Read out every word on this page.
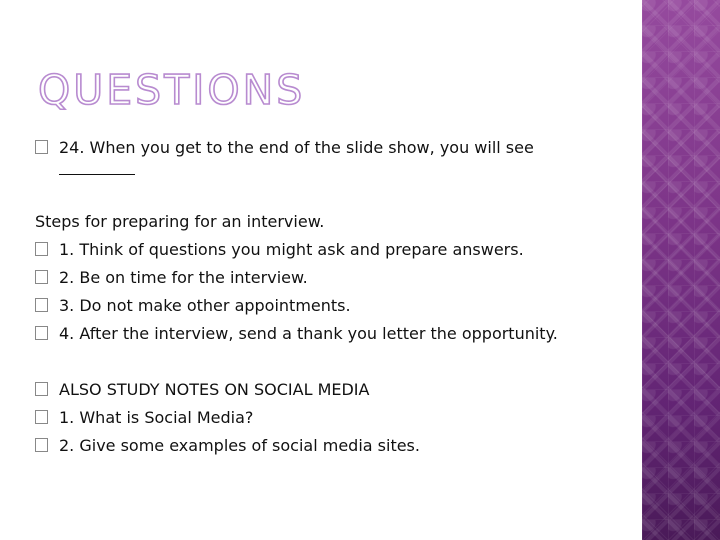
QUESTIONS
24. When you get to the end of the slide show, you will see
Steps for preparing for an interview.
1. Think of questions you might ask and prepare answers.
2. Be on time for the interview.
3. Do not make other appointments.
4. After the interview, send a thank you letter the opportunity.
ALSO STUDY NOTES ON SOCIAL MEDIA
1. What is Social Media?
2. Give some examples of social media sites.
